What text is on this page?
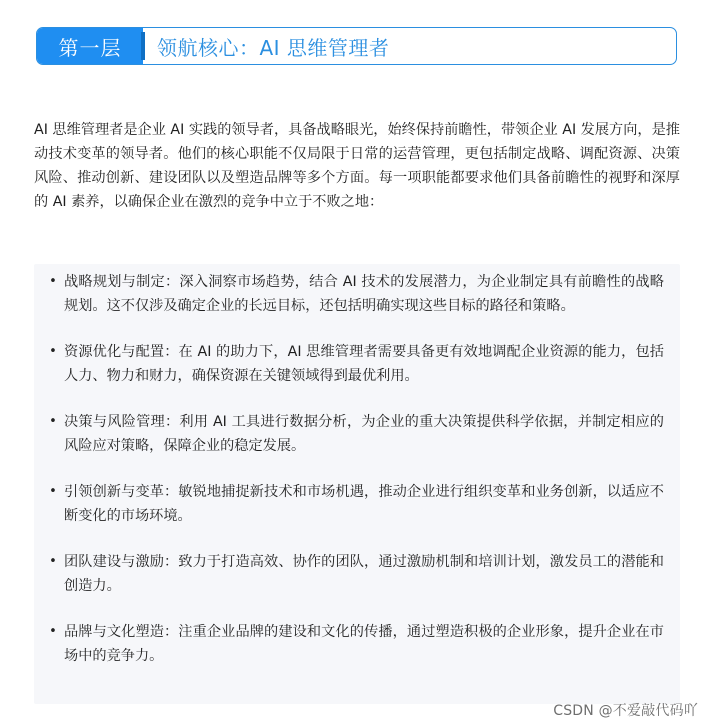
第一层	领航核心：AI 思维管理者

AI 思维管理者是企业 AI 实践的领导者，具备战略眼光，始终保持前瞻性，带领企业 AI 发展方向，是推动技术变革的领导者。他们的核心职能不仅局限于日常的运营管理，更包括制定战略、调配资源、决策风险、推动创新、建设团队以及塑造品牌等多个方面。每一项职能都要求他们具备前瞻性的视野和深厚的 AI 素养，以确保企业在激烈的竞争中立于不败之地：

• 战略规划与制定：深入洞察市场趋势，结合 AI 技术的发展潜力，为企业制定具有前瞻性的战略规划。这不仅涉及确定企业的长远目标，还包括明确实现这些目标的路径和策略。
• 资源优化与配置：在 AI 的助力下，AI 思维管理者需要具备更有效地调配企业资源的能力，包括人力、物力和财力，确保资源在关键领域得到最优利用。
• 决策与风险管理：利用 AI 工具进行数据分析，为企业的重大决策提供科学依据，并制定相应的风险应对策略，保障企业的稳定发展。
• 引领创新与变革：敏锐地捕捉新技术和市场机遇，推动企业进行组织变革和业务创新，以适应不断变化的市场环境。
• 团队建设与激励：致力于打造高效、协作的团队，通过激励机制和培训计划，激发员工的潜能和创造力。
• 品牌与文化塑造：注重企业品牌的建设和文化的传播，通过塑造积极的企业形象，提升企业在市场中的竞争力。
CSDN @不爱敲代码吖
